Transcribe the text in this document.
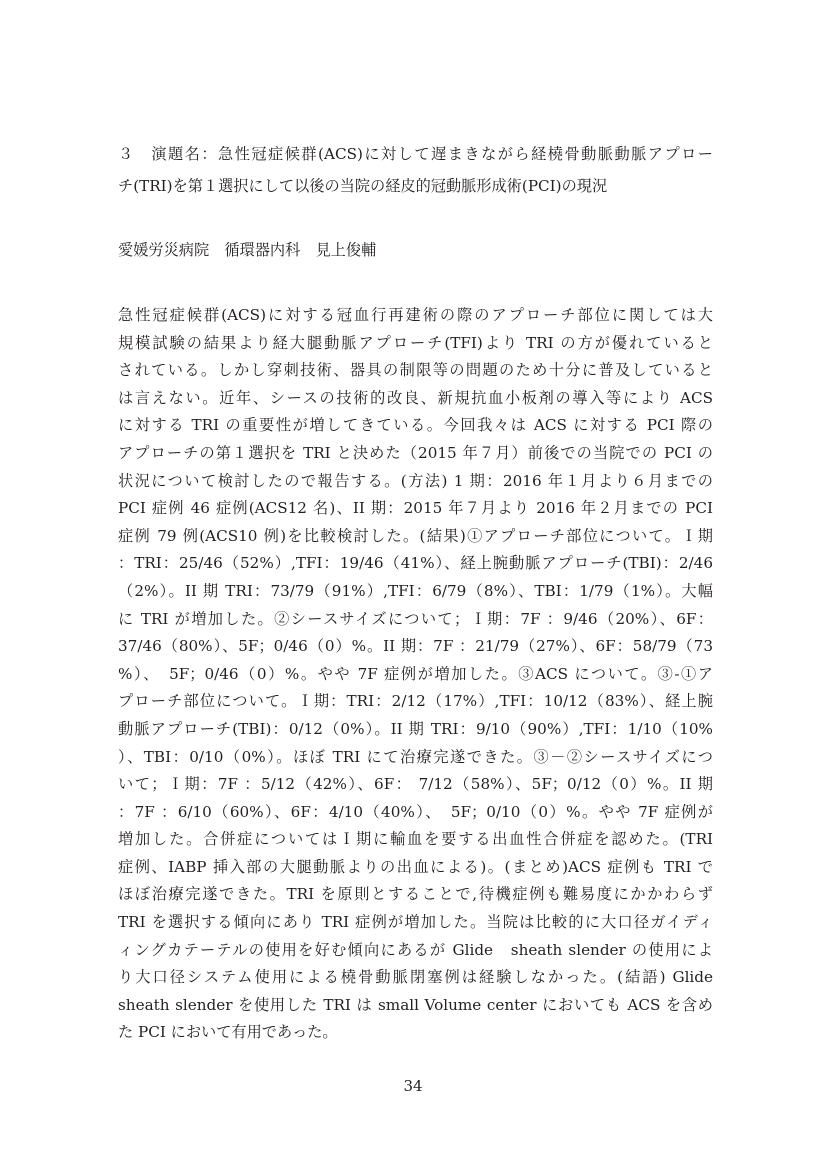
３　演題名：急性冠症候群(ACS)に対して遅まきながら経橈骨動脈動脈アプロー
チ(TRI)を第１選択にして以後の当院の経皮的冠動脈形成術(PCI)の現況
愛媛労災病院　循環器内科　見上俊輔
急性冠症候群(ACS)に対する冠血行再建術の際のアプローチ部位に関しては大
規模試験の結果より経大腿動脈アプローチ(TFI)より TRI の方が優れていると
されている。しかし穿刺技術、器具の制限等の問題のため十分に普及していると
は言えない。近年、シースの技術的改良、新規抗血小板剤の導入等により ACS
に対する TRI の重要性が増してきている。今回我々は ACS に対する PCI 際の
アプローチの第１選択を TRI と決めた（2015 年７月）前後での当院での PCI の
状況について検討したので報告する。(方法) 1 期：2016 年１月より６月までの
PCI 症例 46 症例(ACS12 名)、II 期：2015 年７月より 2016 年２月までの PCI
症例 79 例(ACS10 例)を比較検討した。(結果)①アプローチ部位について。Ｉ期
：TRI：25/46（52%）,TFI：19/46（41%）、経上腕動脈アプローチ(TBI)：2/46
（2%）。II 期 TRI：73/79（91%）,TFI：6/79（8%）、TBI：1/79（1%）。大幅
に TRI が増加した。②シースサイズについて；Ｉ期：7F ：9/46（20%）、6F：
37/46（80%）、5F；0/46（0）%。II 期：7F ：21/79（27%）、6F：58/79（73
%）、　5F；0/46（0）%。やや 7F 症例が増加した。③ACS について。③-①ア
プローチ部位について。Ｉ期：TRI：2/12（17%）,TFI：10/12（83%）、経上腕
動脈アプローチ(TBI)：0/12（0%）。II 期 TRI：9/10（90%）,TFI：1/10（10%
）、TBI：0/10（0%）。ほぼ TRI にて治療完遂できた。③－②シースサイズにつ
いて；Ｉ期：7F ：5/12（42%）、6F： 7/12（58%）、5F；0/12（0）%。II 期
：7F ：6/10（60%）、6F：4/10（40%）、　5F；0/10（0）%。やや 7F 症例が
増加した。合併症についてはＩ期に輸血を要する出血性合併症を認めた。(TRI
症例、IABP 挿入部の大腿動脈よりの出血による)。(まとめ)ACS 症例も TRI で
ほぼ治療完遂できた。TRI を原則とすることで,待機症例も難易度にかかわらず
TRI を選択する傾向にあり TRI 症例が増加した。当院は比較的に大口径ガイディ
ィングカテーテルの使用を好む傾向にあるが Glide　sheath slender の使用によ
り大口径システム使用による橈骨動脈閉塞例は経験しなかった。(結語) Glide
sheath slender を使用した TRI は small Volume center においても ACS を含め
た PCI において有用であった。
34
